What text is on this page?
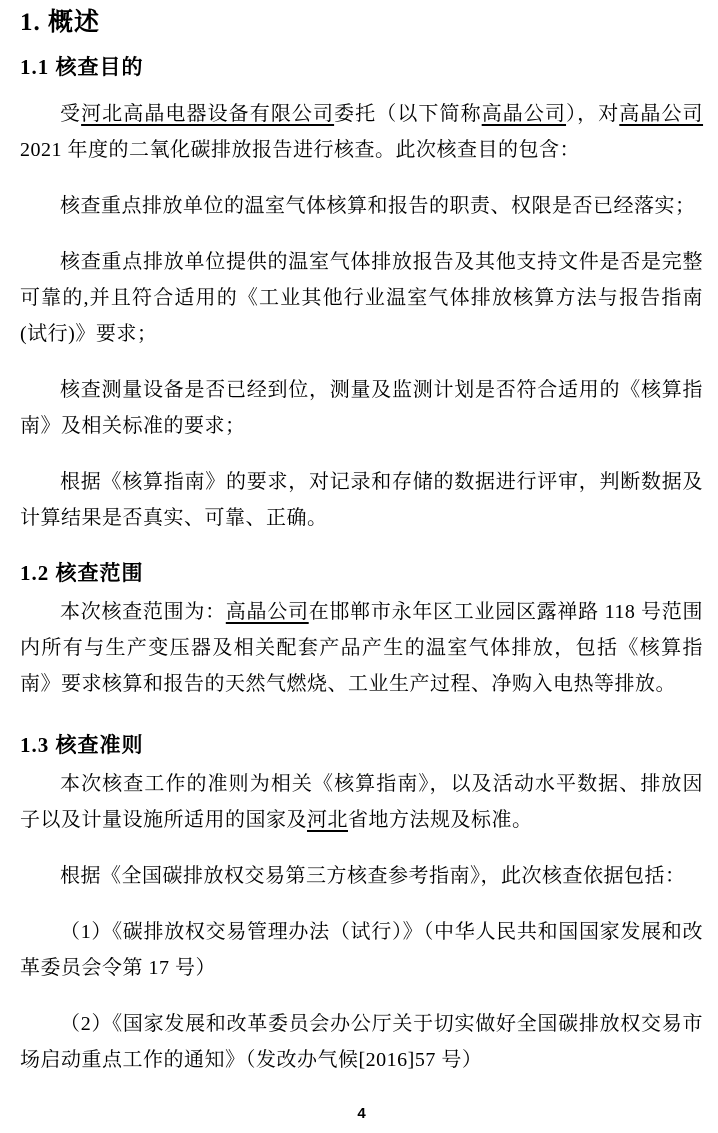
1. 概述
1.1 核查目的

受河北高晶电器设备有限公司委托（以下简称高晶公司），对高晶公司 2021 年度的二氧化碳排放报告进行核查。此次核查目的包含：

核查重点排放单位的温室气体核算和报告的职责、权限是否已经落实；

核查重点排放单位提供的温室气体排放报告及其他支持文件是否是完整可靠的,并且符合适用的《工业其他行业温室气体排放核算方法与报告指南(试行)》要求；

核查测量设备是否已经到位，测量及监测计划是否符合适用的《核算指南》及相关标准的要求；

根据《核算指南》的要求，对记录和存储的数据进行评审，判断数据及计算结果是否真实、可靠、正确。

1.2 核查范围

本次核查范围为：高晶公司在邯郸市永年区工业园区露禅路 118 号范围内所有与生产变压器及相关配套产品产生的温室气体排放，包括《核算指南》要求核算和报告的天然气燃烧、工业生产过程、净购入电热等排放。

1.3 核查准则

本次核查工作的准则为相关《核算指南》，以及活动水平数据、排放因子以及计量设施所适用的国家及河北省地方法规及标准。

根据《全国碳排放权交易第三方核查参考指南》，此次核查依据包括：

（1）《碳排放权交易管理办法（试行）》（中华人民共和国国家发展和改革委员会令第 17 号）

（2）《国家发展和改革委员会办公厅关于切实做好全国碳排放权交易市场启动重点工作的通知》（发改办气候[2016]57 号）

4
